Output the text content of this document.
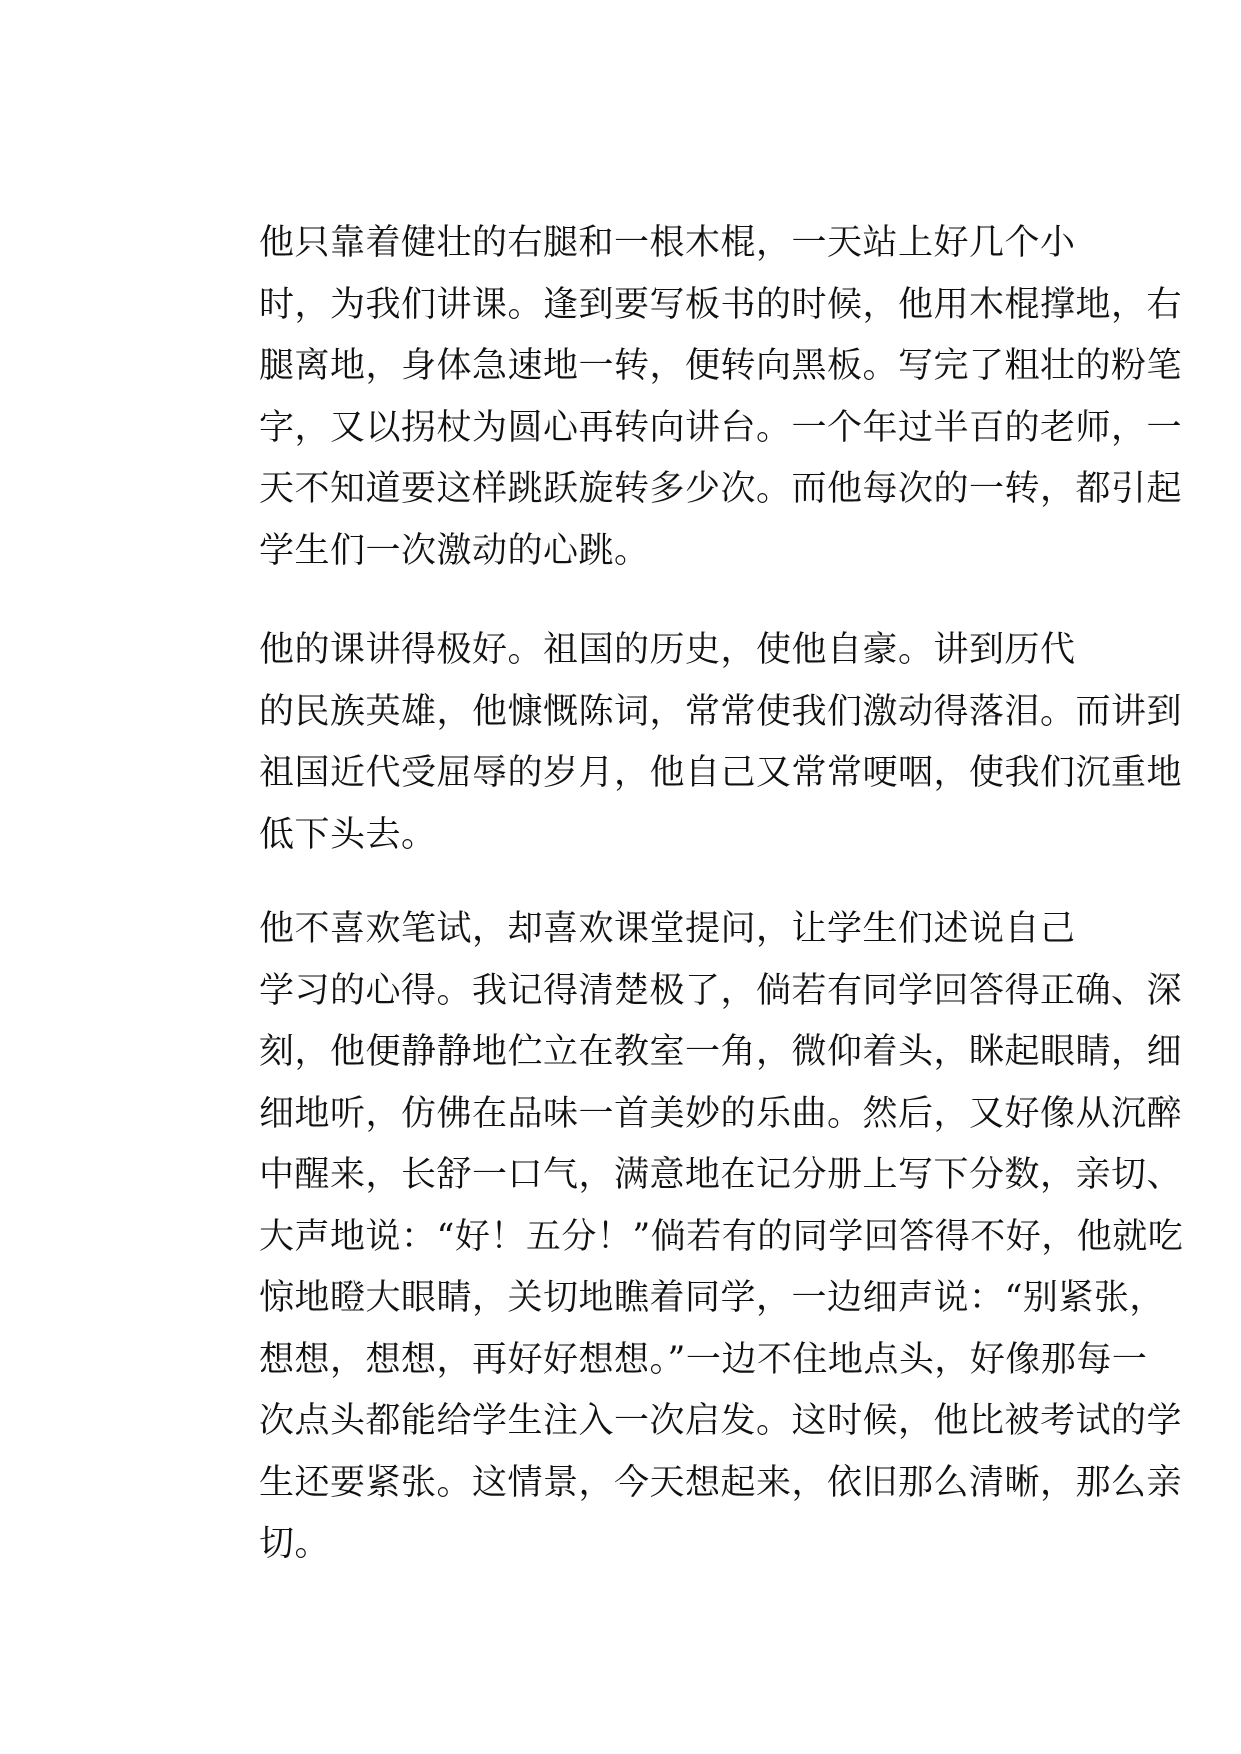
他只靠着健壮的右腿和一根木棍，一天站上好几个小
时，为我们讲课。逢到要写板书的时候，他用木棍撑地，右
腿离地，身体急速地一转，便转向黑板。写完了粗壮的粉笔
字，又以拐杖为圆心再转向讲台。一个年过半百的老师，一
天不知道要这样跳跃旋转多少次。而他每次的一转，都引起
学生们一次激动的心跳。

他的课讲得极好。祖国的历史，使他自豪。讲到历代
的民族英雄，他慷慨陈词，常常使我们激动得落泪。而讲到
祖国近代受屈辱的岁月，他自己又常常哽咽，使我们沉重地
低下头去。

他不喜欢笔试，却喜欢课堂提问，让学生们述说自己
学习的心得。我记得清楚极了，倘若有同学回答得正确、深
刻，他便静静地伫立在教室一角，微仰着头，眯起眼睛，细
细地听，仿佛在品味一首美妙的乐曲。然后，又好像从沉醉
中醒来，长舒一口气，满意地在记分册上写下分数，亲切、
大声地说：“好！五分！”倘若有的同学回答得不好，他就吃
惊地瞪大眼睛，关切地瞧着同学，一边细声说：“别紧张，
想想，想想，再好好想想。”一边不住地点头，好像那每一
次点头都能给学生注入一次启发。这时候，他比被考试的学
生还要紧张。这情景，今天想起来，依旧那么清晰，那么亲
切。
